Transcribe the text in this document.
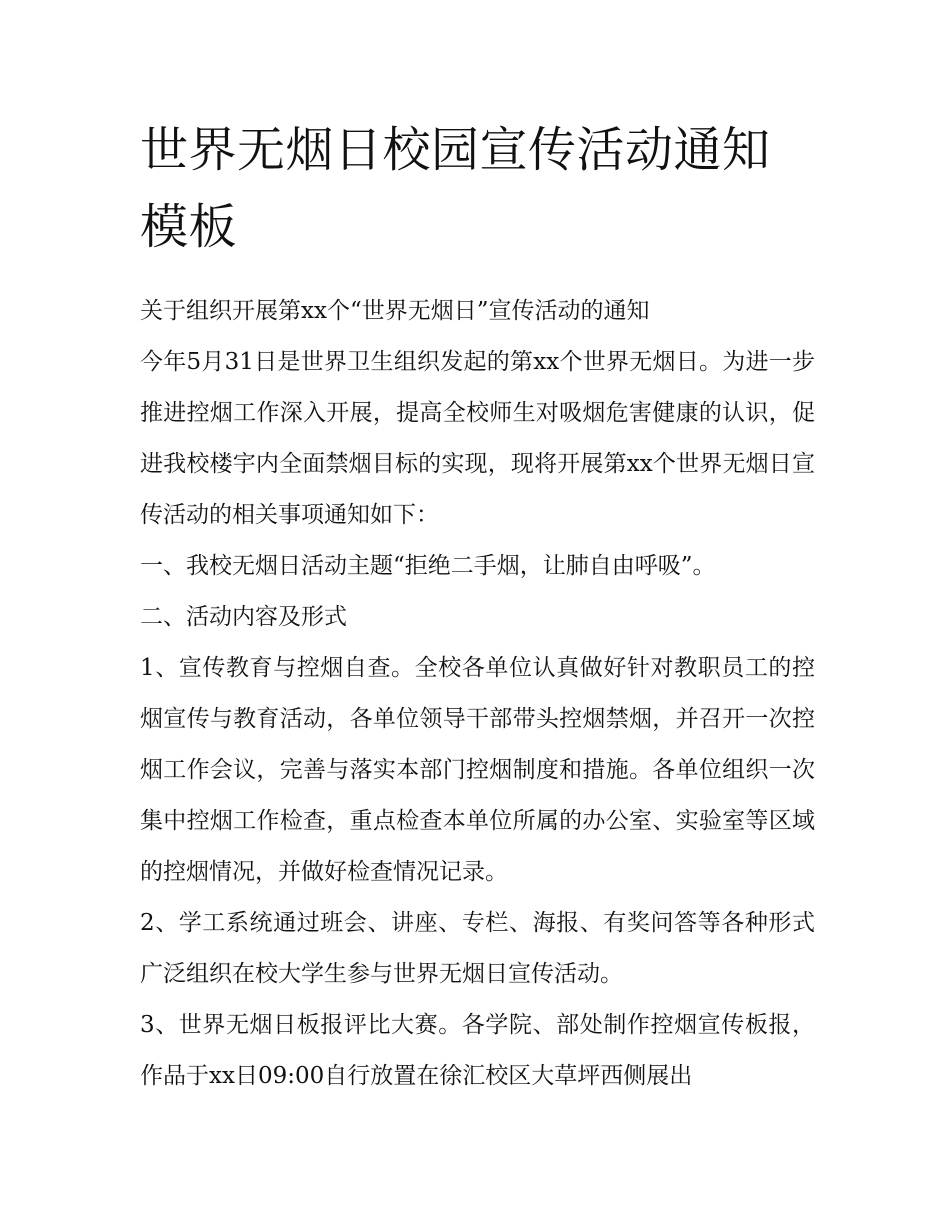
世界无烟日校园宣传活动通知模板

关于组织开展第xx个“世界无烟日”宣传活动的通知

今年5月31日是世界卫生组织发起的第xx个世界无烟日。为进一步推进控烟工作深入开展，提高全校师生对吸烟危害健康的认识，促进我校楼宇内全面禁烟目标的实现，现将开展第xx个世界无烟日宣传活动的相关事项通知如下：

一、我校无烟日活动主题“拒绝二手烟，让肺自由呼吸”。

二、活动内容及形式

1、宣传教育与控烟自查。全校各单位认真做好针对教职员工的控烟宣传与教育活动，各单位领导干部带头控烟禁烟，并召开一次控烟工作会议，完善与落实本部门控烟制度和措施。各单位组织一次集中控烟工作检查，重点检查本单位所属的办公室、实验室等区域的控烟情况，并做好检查情况记录。

2、学工系统通过班会、讲座、专栏、海报、有奖问答等各种形式广泛组织在校大学生参与世界无烟日宣传活动。

3、世界无烟日板报评比大赛。各学院、部处制作控烟宣传板报，作品于xx日09:00自行放置在徐汇校区大草坪西侧展出
